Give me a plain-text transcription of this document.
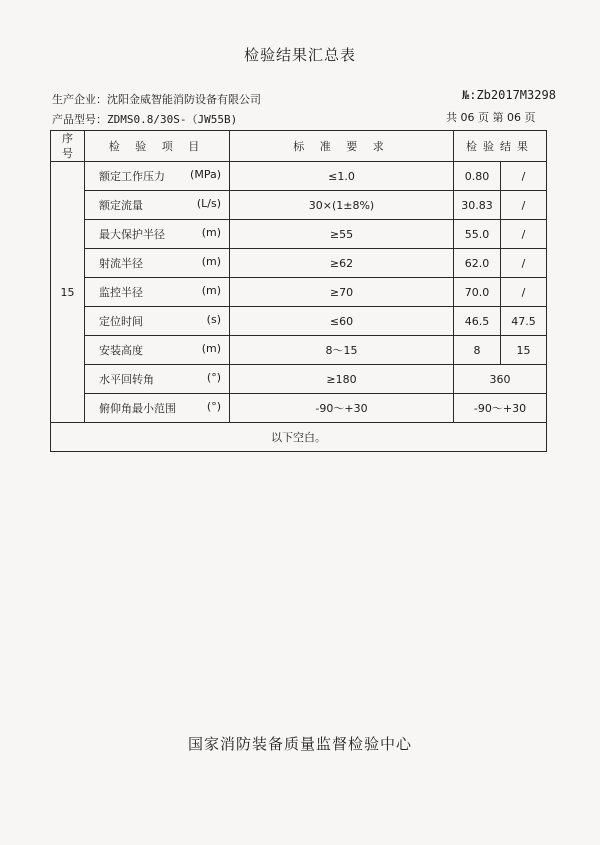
检验结果汇总表
生产企业：沈阳金威智能消防设备有限公司	№:Zb2017M3298
产品型号：ZDMS0.8/30S-（JW55B)	共 06 页 第 06 页
序
号	检 验 项 目	标 准 要 求	检验结果	
15	额定工作压力 (MPa)	≤1.0	0.80	/

	额定流量 (L/s)	30×(1±8%)	30.83	/

	最大保护半径 (m)	≥55	55.0	/

	射流半径 (m)	≥62	62.0	/

	监控半径 (m)	≥70	70.0	/

	定位时间 (s)	≤60	46.5	47.5

	安装高度 (m)	8～15	8	15

	水平回转角 (°)	≥180	360	

	俯仰角最小范围 (°)	-90～+30	-90～+30	
以下空白。				
国家消防装备质量监督检验中心
